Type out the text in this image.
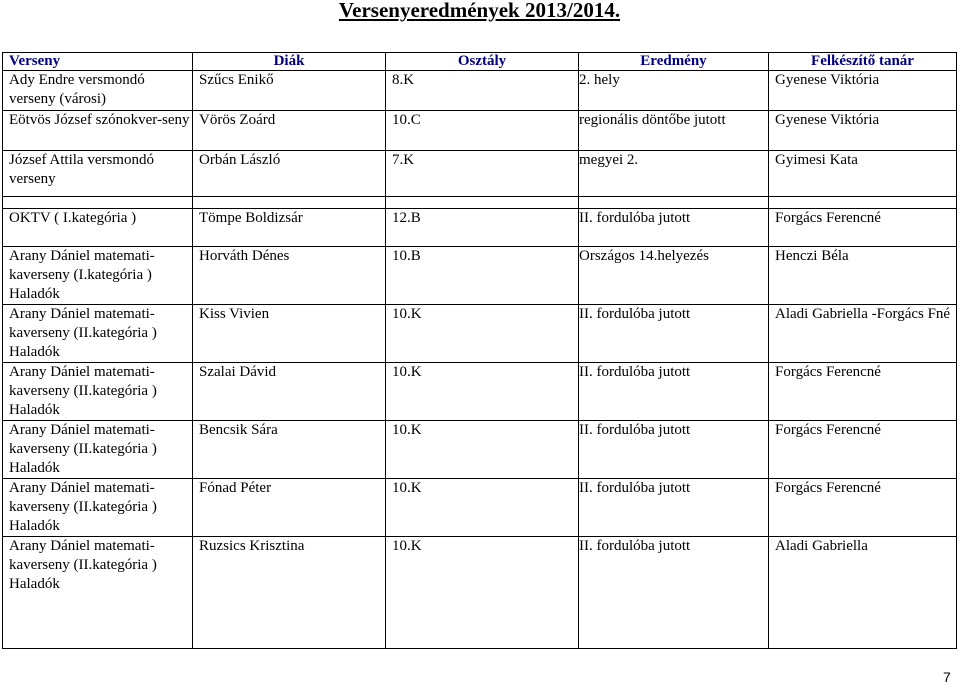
Versenyeredmények 2013/2014.
Verseny	Diák	Osztály	Eredmény	Felkészítő tanár
Ady Endre versmondó verseny (városi)	Szűcs Enikő	8.K	2. hely	Gyenese Viktória
Eötvös József szónokver-seny	Vörös Zoárd	10.C	regionális döntőbe jutott	Gyenese Viktória
József Attila versmondó verseny	Orbán László	7.K	megyei 2.	Gyimesi Kata

OKTV ( I.kategória )	Tömpe Boldizsár	12.B	II. fordulóba jutott	Forgács Ferencné
Arany Dániel matemati-kaverseny (I.kategória ) Haladók	Horváth Dénes	10.B	Országos 14.helyezés	Henczi Béla
Arany Dániel matemati-kaverseny (II.kategória ) Haladók	Kiss Vivien	10.K	II. fordulóba jutott	Aladi Gabriella -Forgács Fné
Arany Dániel matemati-kaverseny (II.kategória ) Haladók	Szalai Dávid	10.K	II. fordulóba jutott	Forgács Ferencné
Arany Dániel matemati-kaverseny (II.kategória ) Haladók	Bencsik Sára	10.K	II. fordulóba jutott	Forgács Ferencné
Arany Dániel matemati-kaverseny (II.kategória ) Haladók	Fónad Péter	10.K	II. fordulóba jutott	Forgács Ferencné
Arany Dániel matemati-kaverseny (II.kategória ) Haladók	Ruzsics Krisztina	10.K	II. fordulóba jutott	Aladi Gabriella
7
